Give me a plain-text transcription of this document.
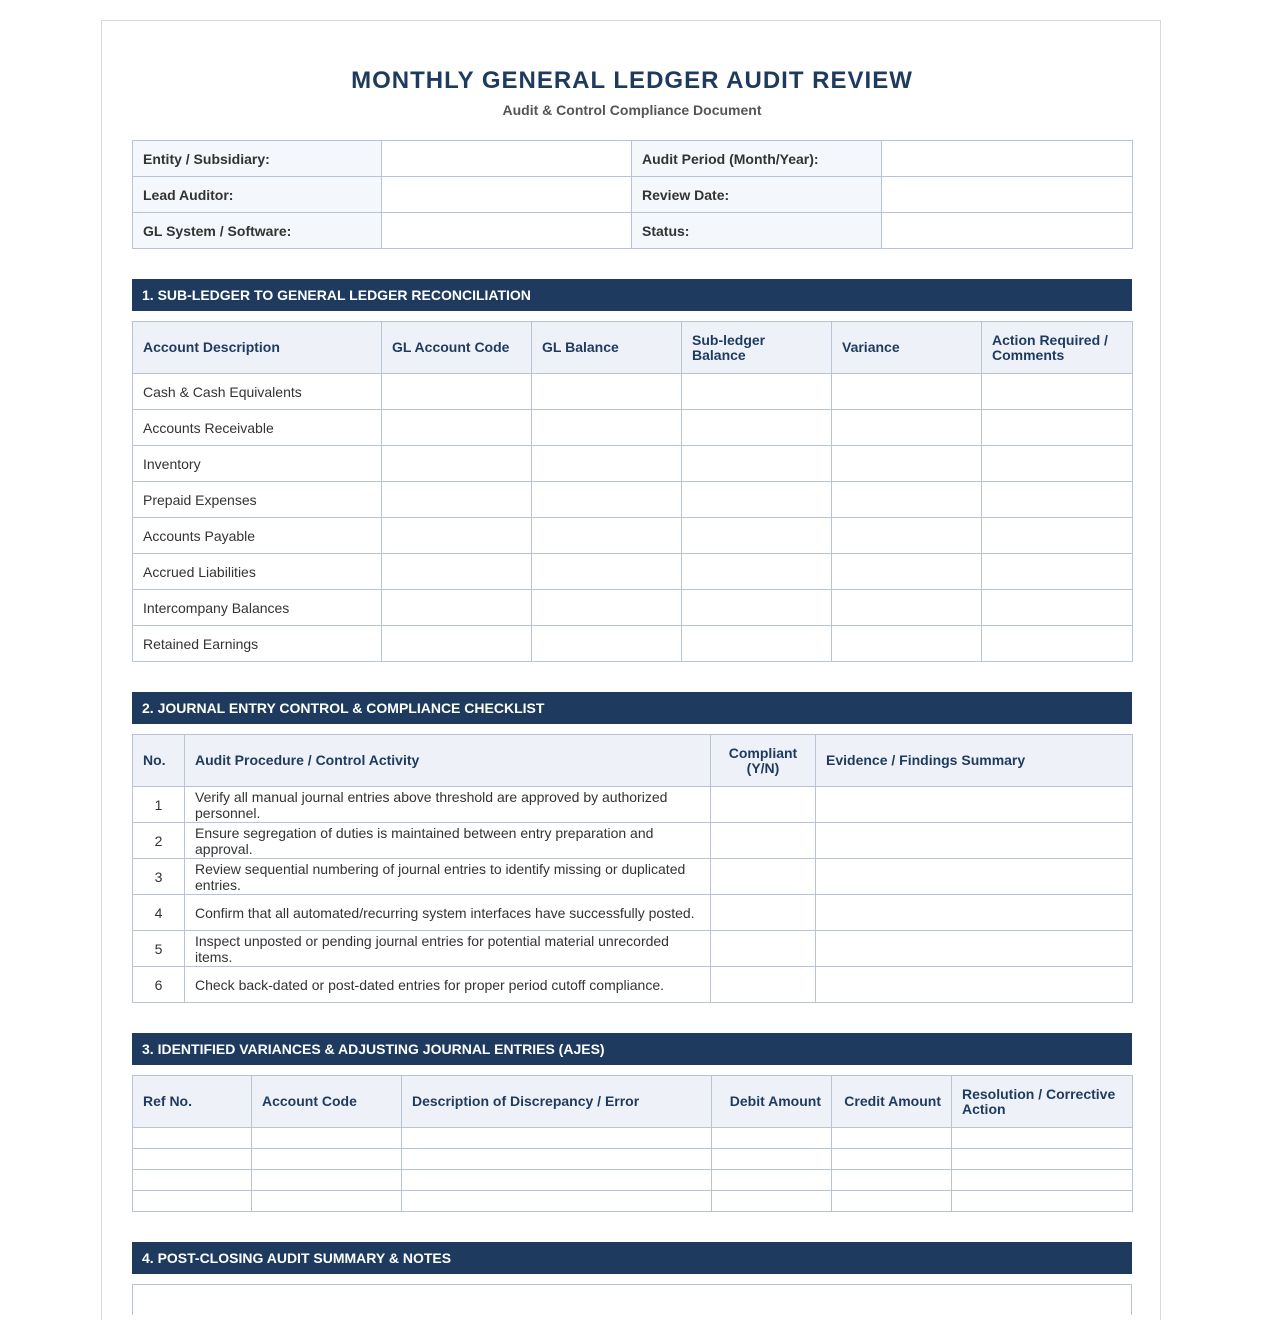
MONTHLY GENERAL LEDGER AUDIT REVIEW
Audit & Control Compliance Document
Entity / Subsidiary:		Audit Period (Month/Year):	
Lead Auditor:		Review Date:	
GL System / Software:		Status:	
1. SUB-LEDGER TO GENERAL LEDGER RECONCILIATION
Account Description	GL Account Code	GL Balance	Sub-ledger Balance	Variance	Action Required / Comments
Cash & Cash Equivalents					
Accounts Receivable					
Inventory					
Prepaid Expenses					
Accounts Payable					
Accrued Liabilities					
Intercompany Balances					
Retained Earnings					
2. JOURNAL ENTRY CONTROL & COMPLIANCE CHECKLIST
No.	Audit Procedure / Control Activity	Compliant (Y/N)	Evidence / Findings Summary
1	Verify all manual journal entries above threshold are approved by authorized personnel.		
2	Ensure segregation of duties is maintained between entry preparation and approval.		
3	Review sequential numbering of journal entries to identify missing or duplicated entries.		
4	Confirm that all automated/recurring system interfaces have successfully posted.		
5	Inspect unposted or pending journal entries for potential material unrecorded items.		
6	Check back-dated or post-dated entries for proper period cutoff compliance.		
3. IDENTIFIED VARIANCES & ADJUSTING JOURNAL ENTRIES (AJES)
Ref No.	Account Code	Description of Discrepancy / Error	Debit Amount	Credit Amount	Resolution / Corrective Action

4. POST-CLOSING AUDIT SUMMARY & NOTES
